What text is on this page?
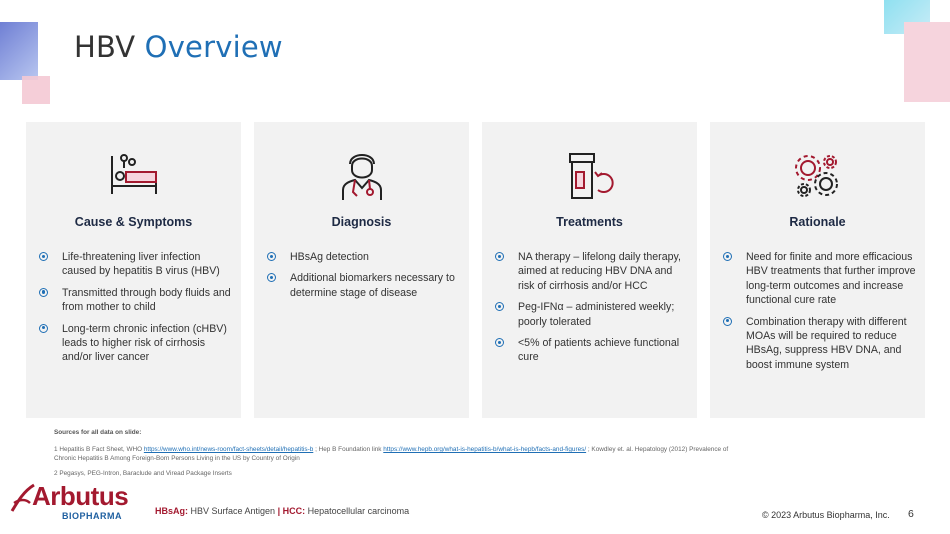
HBV Overview
Cause & Symptoms
Life-threatening liver infection caused by hepatitis B virus (HBV)
Transmitted through body fluids and from mother to child
Long-term chronic infection (cHBV) leads to higher risk of cirrhosis and/or liver cancer
Diagnosis
HBsAg detection
Additional biomarkers necessary to determine stage of disease
Treatments
NA therapy – lifelong daily therapy, aimed at reducing HBV DNA and risk of cirrhosis and/or HCC
Peg-IFNα – administered weekly; poorly tolerated
<5% of patients achieve functional cure
Rationale
Need for finite and more efficacious HBV treatments that further improve long-term outcomes and increase functional cure rate
Combination therapy with different MOAs will be required to reduce HBsAg, suppress HBV DNA, and boost immune system
Sources for all data on slide:

1 Hepatitis B Fact Sheet, WHO https://www.who.int/news-room/fact-sheets/detail/hepatitis-b ; Hep B Foundation link https://www.hepb.org/what-is-hepatitis-b/what-is-hepb/facts-and-figures/ ; Kowdley et. al. Hepatology (2012) Prevalence of Chronic Hepatitis B Among Foreign-Born Persons Living in the US by Country of Origin

2 Pegasys, PEG-Intron, Baraclude and Viread Package Inserts

Arbutus
BIOPHARMA	HBsAg: HBV Surface Antigen | HCC: Hepatocellular carcinoma	© 2023 Arbutus Biopharma, Inc. 6
